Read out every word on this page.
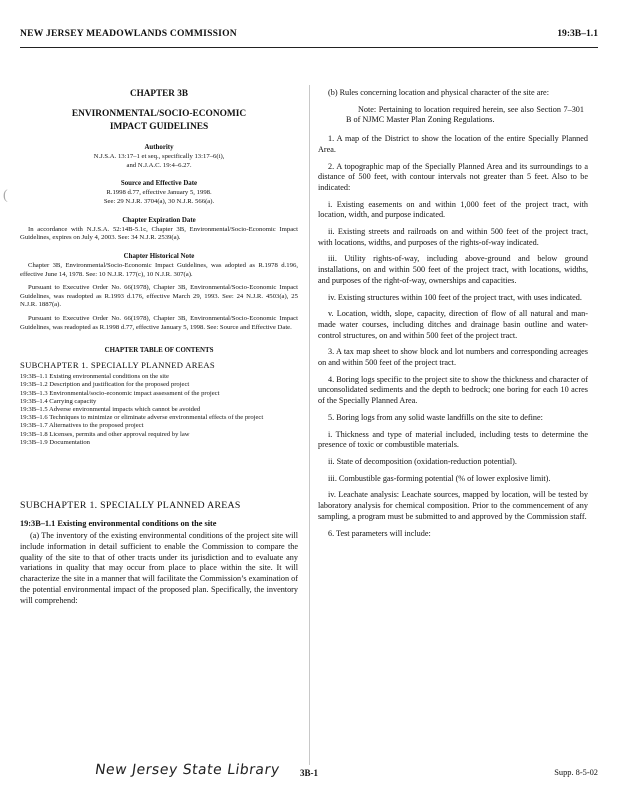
NEW JERSEY MEADOWLANDS COMMISSION	19:3B–1.1
(

CHAPTER 3B

ENVIRONMENTAL/SOCIO-ECONOMIC
IMPACT GUIDELINES

Authority

N.J.S.A. 13:17–1 et seq., specifically 13:17–6(i),

and N.J.A.C. 19:4–6.27.

Source and Effective Date

R.1998 d.77, effective January 5, 1998.

See: 29 N.J.R. 3704(a), 30 N.J.R. 566(a).

Chapter Expiration Date

In accordance with N.J.S.A. 52:14B-5.1c, Chapter 3B, Environmental/Socio-Economic Impact Guidelines, expires on July 4, 2003. See: 34 N.J.R. 2539(a).

Chapter Historical Note

Chapter 3B, Environmental/Socio-Economic Impact Guidelines, was adopted as R.1978 d.196, effective June 14, 1978. See: 10 N.J.R. 177(c), 10 N.J.R. 307(a).

Pursuant to Executive Order No. 66(1978), Chapter 3B, Environmental/Socio-Economic Impact Guidelines, was readopted as R.1993 d.176, effective March 29, 1993. See: 24 N.J.R. 4503(a), 25 N.J.R. 1887(a).

Pursuant to Executive Order No. 66(1978), Chapter 3B, Environmental/Socio-Economic Impact Guidelines, was readopted as R.1998 d.77, effective January 5, 1998. See: Source and Effective Date.

CHAPTER TABLE OF CONTENTS

SUBCHAPTER 1. SPECIALLY PLANNED AREAS

19:3B–1.1 Existing environmental conditions on the site
19:3B–1.2 Description and justification for the proposed project
19:3B–1.3 Environmental/socio-economic impact assessment of the project
19:3B–1.4 Carrying capacity
19:3B–1.5 Adverse environmental impacts which cannot be avoided
19:3B–1.6 Techniques to minimize or eliminate adverse environmental effects of the project
19:3B–1.7 Alternatives to the proposed project
19:3B–1.8 Licenses, permits and other approval required by law
19:3B–1.9 Documentation

SUBCHAPTER 1. SPECIALLY PLANNED AREAS

19:3B–1.1 Existing environmental conditions on the site

(a) The inventory of the existing environmental conditions of the project site will include information in detail sufficient to enable the Commission to compare the quality of the site to that of other tracts under its jurisdiction and to evaluate any variations in quality that may occur from place to place within the site. It will characterize the site in a manner that will facilitate the Commission’s examination of the potential environmental impact of the proposed plan. Specifically, the inventory will comprehend:

(b) Rules concerning location and physical character of the site are:

Note: Pertaining to location required herein, see also Section 7–301 B of NJMC Master Plan Zoning Regulations.

1. A map of the District to show the location of the entire Specially Planned Area.

2. A topographic map of the Specially Planned Area and its surroundings to a distance of 500 feet, with contour intervals not greater than 5 feet. Also to be indicated:

i. Existing easements on and within 1,000 feet of the project tract, with location, width, and purpose indicated.

ii. Existing streets and railroads on and within 500 feet of the project tract, with locations, widths, and purposes of the rights-of-way indicated.

iii. Utility rights-of-way, including above-ground and below ground installations, on and within 500 feet of the project tract, with locations, widths, and purposes of the right-of-way, ownerships and capacities.

iv. Existing structures within 100 feet of the project tract, with uses indicated.

v. Location, width, slope, capacity, direction of flow of all natural and man-made water courses, including ditches and drainage basin outline and water-control structures, on and within 500 feet of the project tract.

3. A tax map sheet to show block and lot numbers and corresponding acreages on and within 500 feet of the project tract.

4. Boring logs specific to the project site to show the thickness and character of unconsolidated sediments and the depth to bedrock; one boring for each 10 acres of the Specially Planned Area.

5. Boring logs from any solid waste landfills on the site to define:

i. Thickness and type of material included, including tests to determine the presence of toxic or combustible materials.

ii. State of decomposition (oxidation-reduction potential).

iii. Combustible gas-forming potential (% of lower explosive limit).

iv. Leachate analysis: Leachate sources, mapped by location, will be tested by laboratory analysis for chemical composition. Prior to the commencement of any sampling, a program must be submitted to and approved by the Commission staff.

6. Test parameters will include:

New Jersey State Library 3B-1	Supp. 8-5-02
